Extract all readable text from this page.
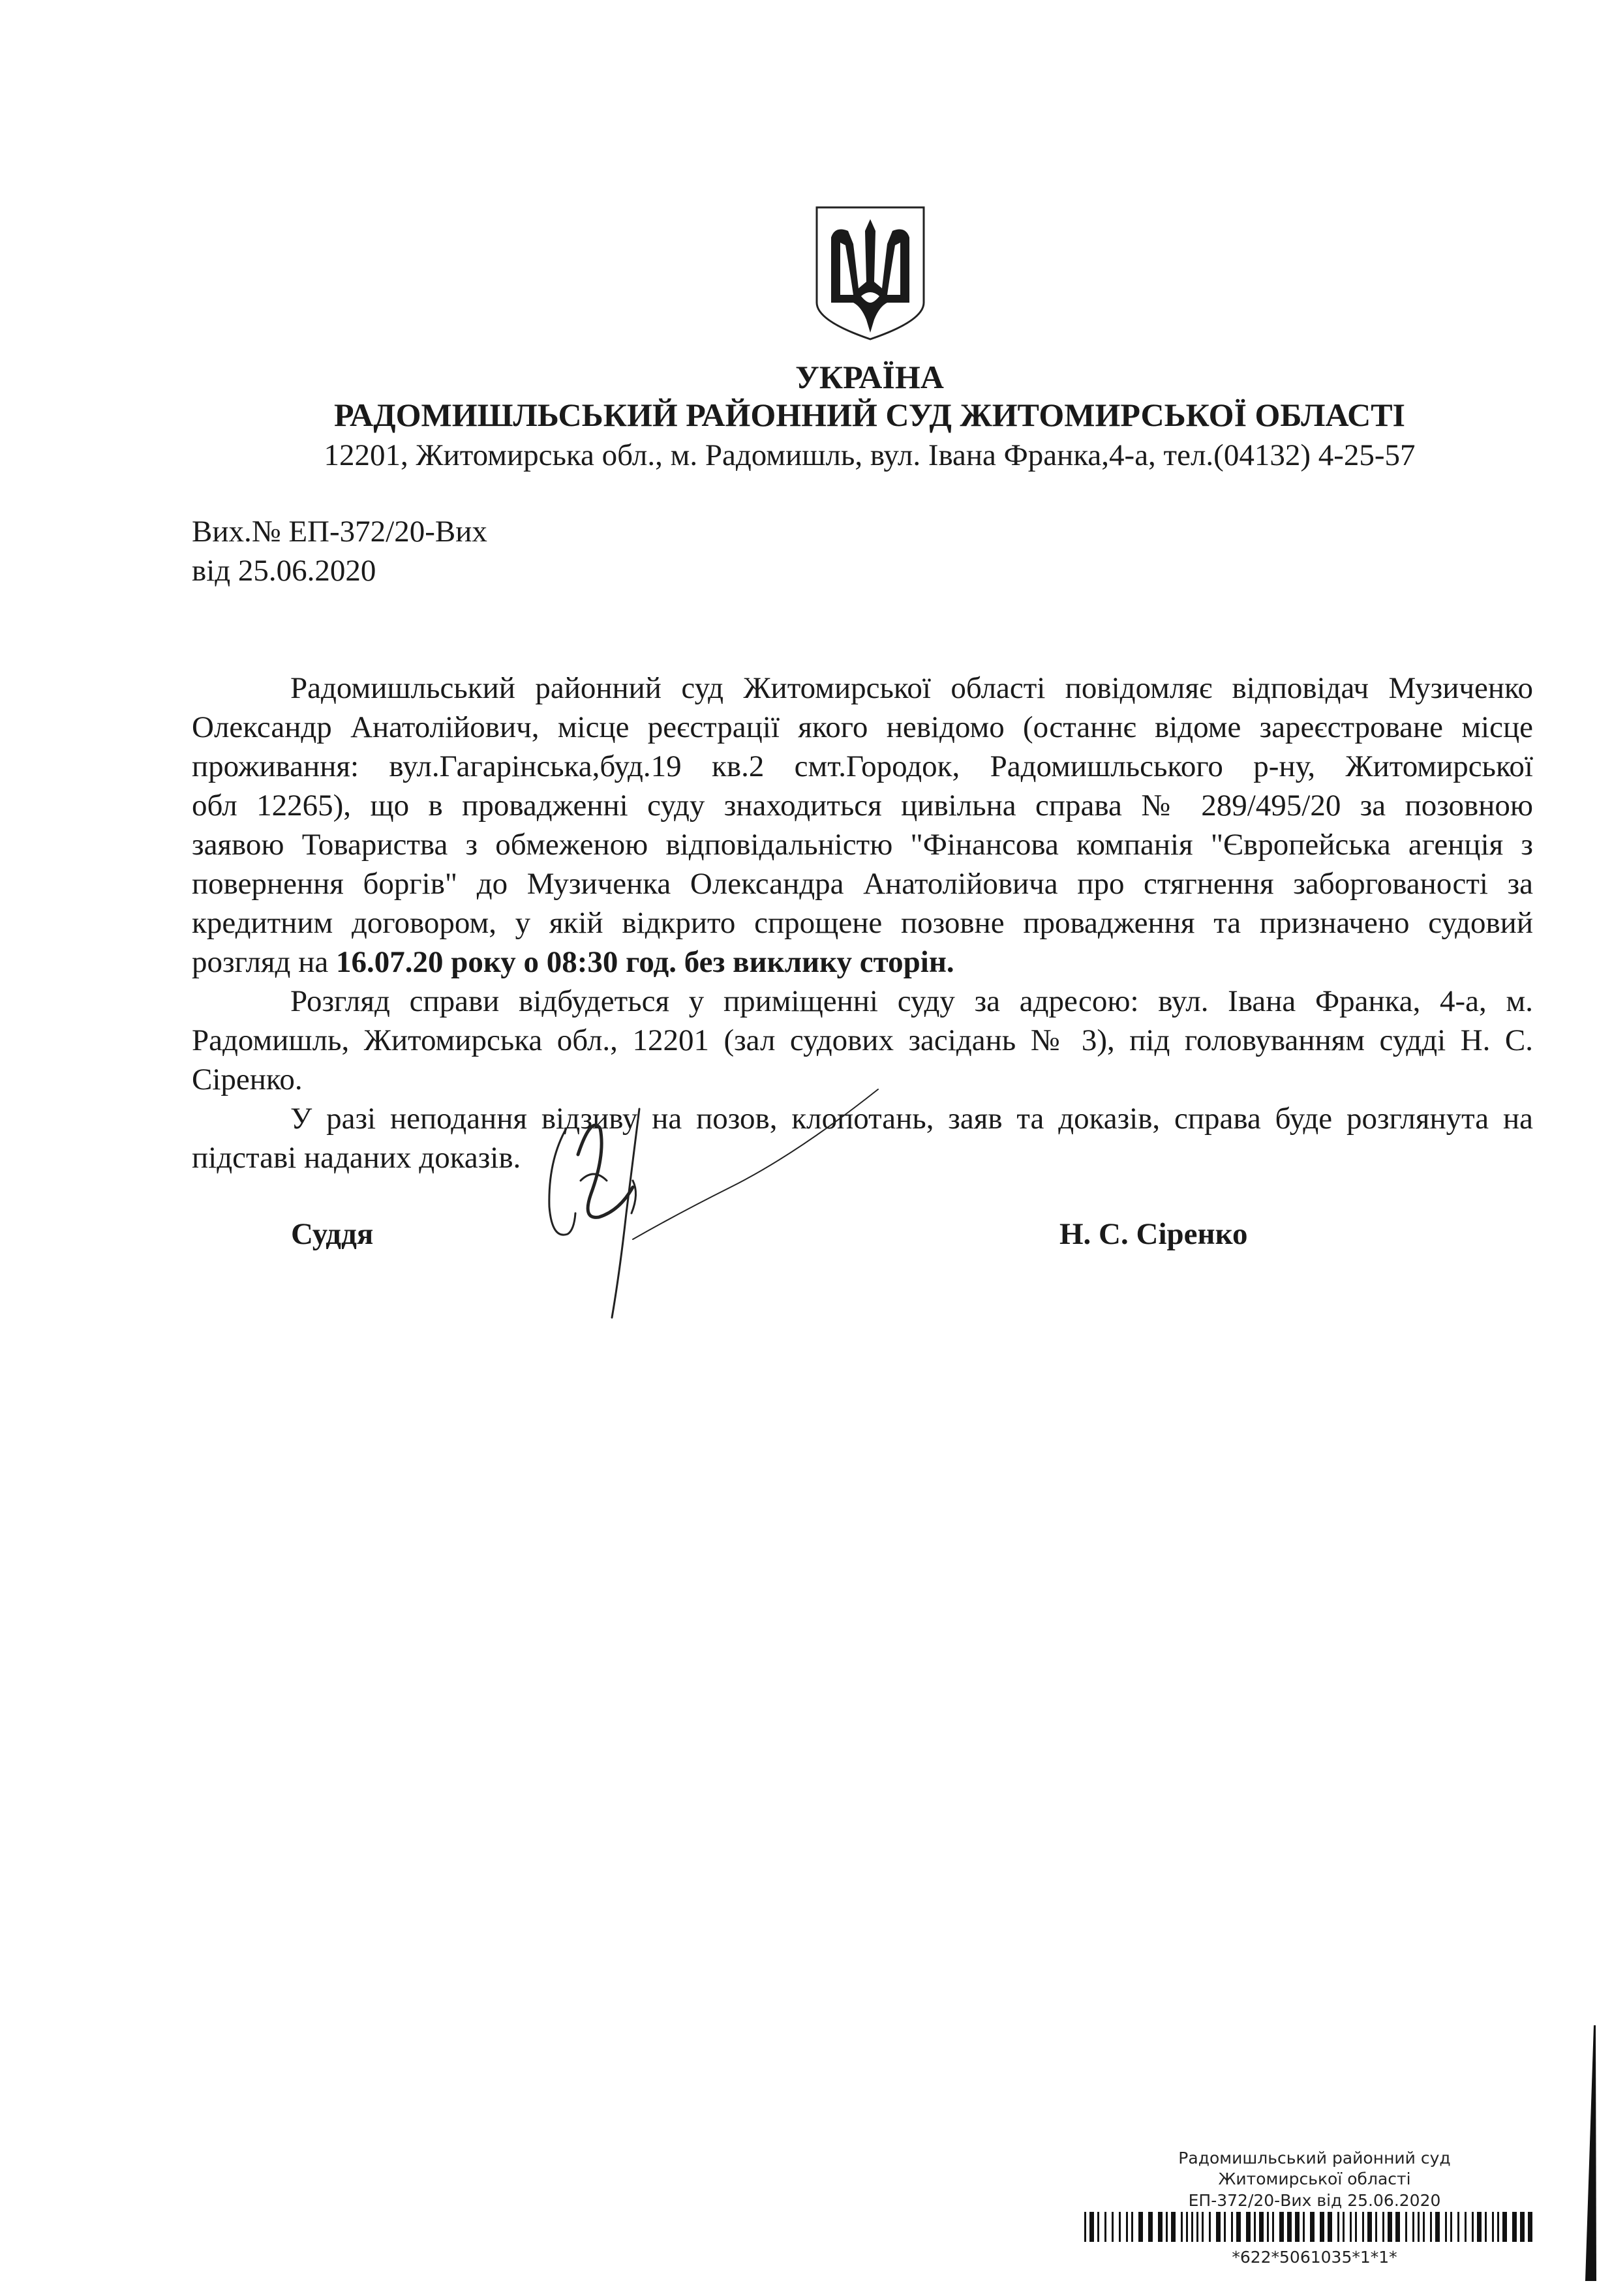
УКРАЇНА
РАДОМИШЛЬСЬКИЙ РАЙОННИЙ СУД ЖИТОМИРСЬКОЇ ОБЛАСТІ
12201, Житомирська обл., м. Радомишль, вул. Івана Франка,4-а, тел.(04132) 4-25-57
Вих.№ ЕП-372/20-Вих
від 25.06.2020
Радомишльський районний суд Житомирської області повідомляє відповідач Музиченко
Олександр Анатолійович, місце реєстрації якого невідомо (останнє відоме зареєстроване місце
проживання: вул.Гагарінська,буд.19 кв.2 смт.Городок, Радомишльського р-ну, Житомирської
обл 12265), що в провадженні суду знаходиться цивільна справа № 289/495/20 за позовною
заявою Товариства з обмеженою відповідальністю "Фінансова компанія "Європейська агенція з
повернення боргів" до Музиченка Олександра Анатолійовича про стягнення заборгованості за
кредитним договором, у якій відкрито спрощене позовне провадження та призначено судовий
розгляд на 16.07.20 року о 08:30 год. без виклику сторін.
Розгляд справи відбудеться у приміщенні суду за адресою: вул. Івана Франка, 4-а, м.
Радомишль, Житомирська обл., 12201 (зал судових засідань № 3), під головуванням судді Н. С.
Сіренко.
У разі неподання відзиву на позов, клопотань, заяв та доказів, справа буде розглянута на
підставі наданих доказів.
Суддя	Н. С. Сіренко
Радомишльський районний суд
Житомирської області
ЕП-372/20-Вих від 25.06.2020
*622*5061035*1*1*
